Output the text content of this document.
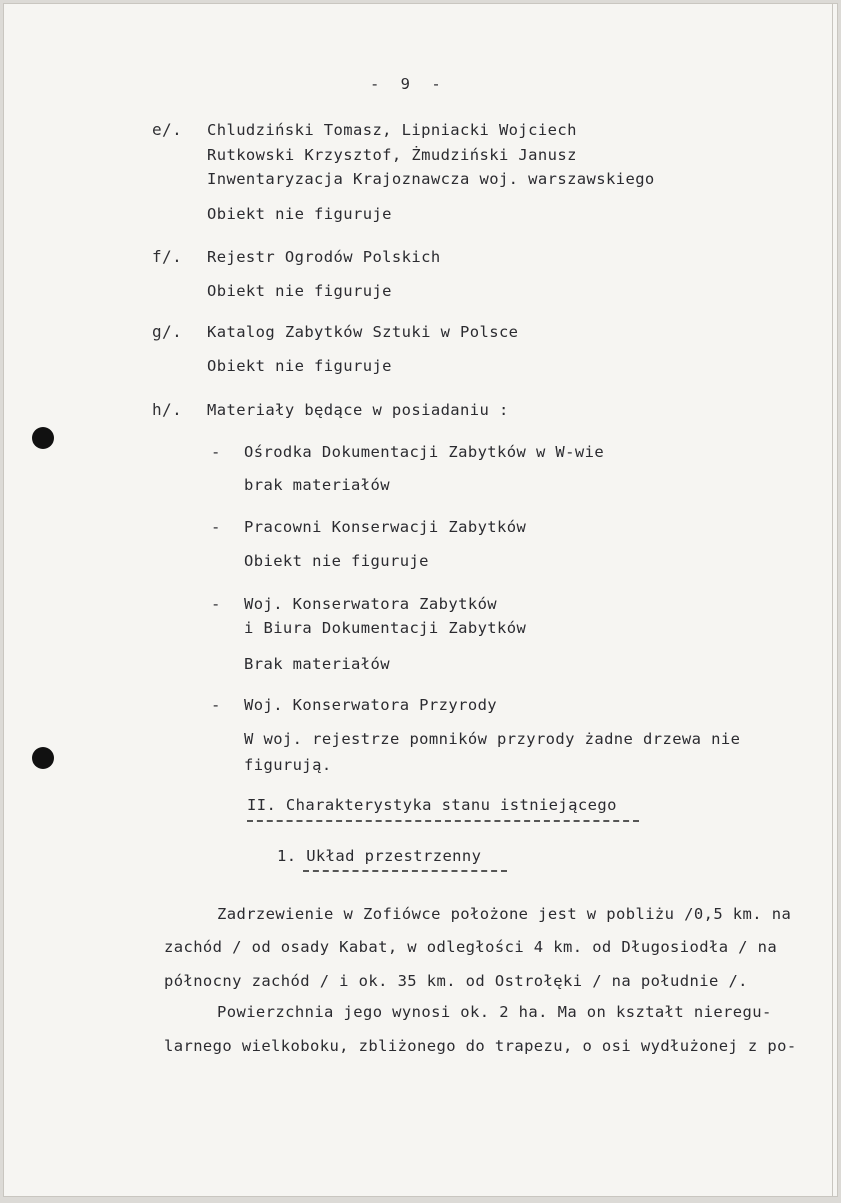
- 9 -
e/. Chludziński Tomasz, Lipniacki Wojciech
Rutkowski Krzysztof, Żmudziński Janusz
Inwentaryzacja Krajoznawcza woj. warszawskiego
Obiekt nie figuruje
f/. Rejestr Ogrodów Polskich
Obiekt nie figuruje
g/. Katalog Zabytków Sztuki w Polsce
Obiekt nie figuruje
h/. Materiały będące w posiadaniu :
- Ośrodka Dokumentacji Zabytków w W-wie
brak materiałów
- Pracowni Konserwacji Zabytków
Obiekt nie figuruje
- Woj. Konserwatora Zabytków
i Biura Dokumentacji Zabytków
Brak materiałów
- Woj. Konserwatora Przyrody
W woj. rejestrze pomników przyrody żadne drzewa nie
figurują.
II. Charakterystyka stanu istniejącego
1. Układ przestrzenny
Zadrzewienie w Zofiówce położone jest w pobliżu /0,5 km. na
zachód / od osady Kabat, w odległości 4 km. od Długosiodła / na
północny zachód / i ok. 35 km. od Ostrołęki / na południe /.
Powierzchnia jego wynosi ok. 2 ha. Ma on kształt nieregu-
larnego wielkoboku, zbliżonego do trapezu, o osi wydłużonej z po-
